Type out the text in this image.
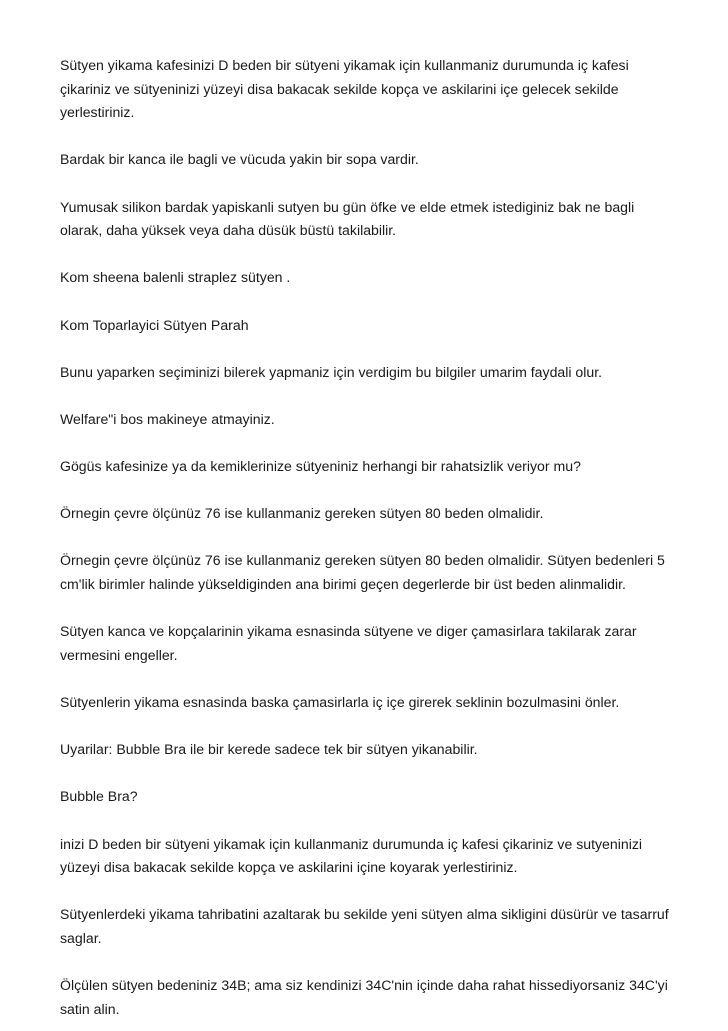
Sütyen yikama kafesinizi D beden bir sütyeni yikamak için kullanmaniz durumunda iç kafesi çikariniz ve sütyeninizi yüzeyi disa bakacak sekilde kopça ve askilarini içe gelecek sekilde yerlestiriniz.

Bardak bir kanca ile bagli ve vücuda yakin bir sopa vardir.

Yumusak silikon bardak yapiskanli sutyen bu gün öfke ve elde etmek istediginiz bak ne bagli olarak, daha yüksek veya daha düsük büstü takilabilir.

Kom sheena balenli straplez sütyen .

Kom Toparlayici Sütyen Parah

Bunu yaparken seçiminizi bilerek yapmaniz için verdigim bu bilgiler umarim faydali olur.

Welfare"i bos makineye atmayiniz.

Gögüs kafesinize ya da kemiklerinize sütyeniniz herhangi bir rahatsizlik veriyor mu?

Örnegin çevre ölçünüz 76 ise kullanmaniz gereken sütyen 80 beden olmalidir.

Örnegin çevre ölçünüz 76 ise kullanmaniz gereken sütyen 80 beden olmalidir. Sütyen bedenleri 5 cm'lik birimler halinde yükseldiginden ana birimi geçen degerlerde bir üst beden alinmalidir.

Sütyen kanca ve kopçalarinin yikama esnasinda sütyene ve diger çamasirlara takilarak zarar vermesini engeller.

Sütyenlerin yikama esnasinda baska çamasirlarla iç içe girerek seklinin bozulmasini önler.

Uyarilar: Bubble Bra ile bir kerede sadece tek bir sütyen yikanabilir.

Bubble Bra?

inizi D beden bir sütyeni yikamak için kullanmaniz durumunda iç kafesi çikariniz ve sutyeninizi yüzeyi disa bakacak sekilde kopça ve askilarini içine koyarak yerlestiriniz.

Sütyenlerdeki yikama tahribatini azaltarak bu sekilde yeni sütyen alma sikligini düsürür ve tasarruf saglar.

Ölçülen sütyen bedeniniz 34B; ama siz kendinizi 34C'nin içinde daha rahat hissediyorsaniz 34C'yi satin alin.
